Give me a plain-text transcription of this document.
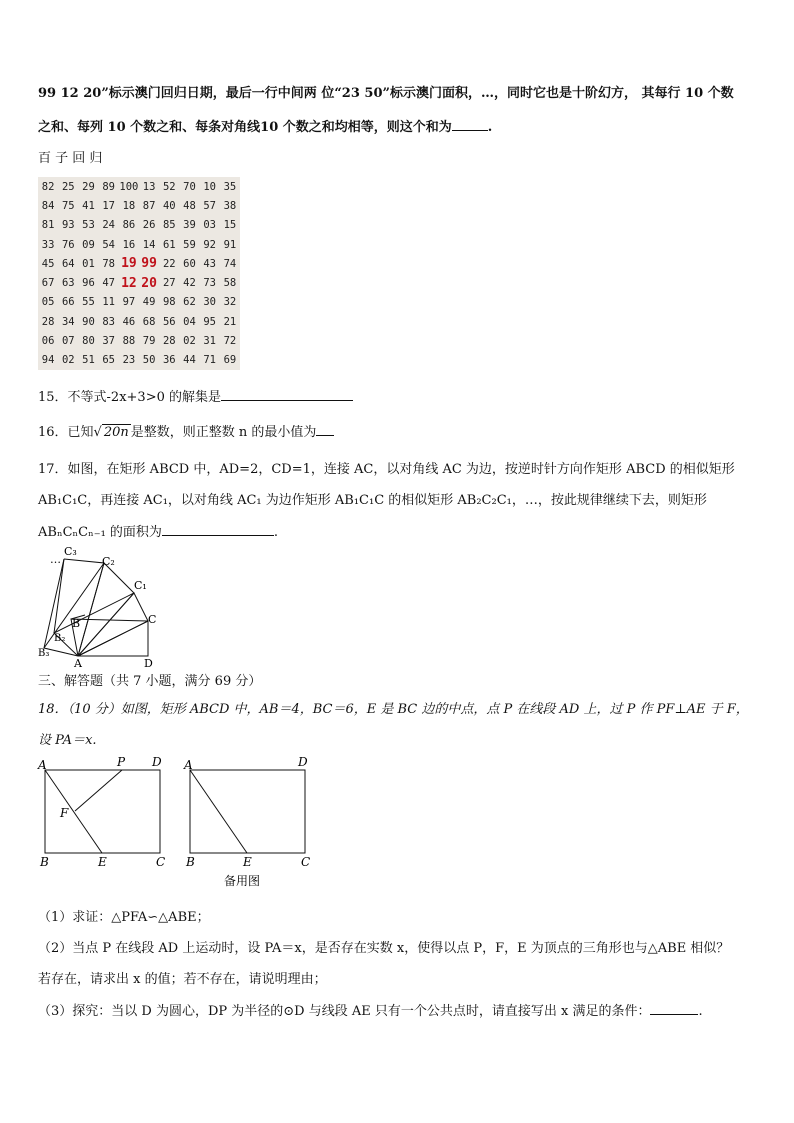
99 12 20”标示澳门回归日期，最后一行中间两 位“23 50”标示澳门面积，…，同时它也是十阶幻方， 其每行 10 个数
之和、每列 10 个数之和、每条对角线10 个数之和均相等，则这个和为	.
百 子 回 归
82 25 29 89 100 13 52 70 10 35
84 75 41 17 18 87 40 48 57 38
81 93 53 24 86 26 85 39 03 15
33 76 09 54 16 14 61 59 92 91
45 64 01 78 19 99 22 60 43 74
67 63 96 47 12 20 27 42 73 58
05 66 55 11 97 49 98 62 30 32
28 34 90 83 46 68 56 04 95 21
06 07 80 37 88 79 28 02 31 72
94 02 51 65 23 50 36 44 71 69
15．不等式-2x+3>0 的解集是
16．已知√ 20n 是整数，则正整数 n 的最小值为
17．如图，在矩形 ABCD 中，AD=2，CD=1，连接 AC，以对角线 AC 为边，按逆时针方向作矩形 ABCD 的相似矩形
AB₁C₁C，再连接 AC₁，以对角线 AC₁ 为边作矩形 AB₁C₁C 的相似矩形 AB₂C₂C₁，…，按此规律继续下去，则矩形
ABₙCₙCₙ₋₁ 的面积为	.
…
C₃
C₂
C₁
C
B
B₂
B₃
A	D
三、解答题（共 7 小题，满分 69 分）
18．（10 分）如图，矩形 ABCD 中，AB＝4，BC＝6，E 是 BC 边的中点，点 P 在线段 AD 上，过 P 作 PF⊥AE 于 F，
设 PA＝x.
A	P D
F
B	E	C
A	D
B	E	C
备用图
（1）求证：△PFA∽△ABE；
（2）当点 P 在线段 AD 上运动时，设 PA＝x，是否存在实数 x，使得以点 P，F，E 为顶点的三角形也与△ABE 相似？
若存在，请求出 x 的值；若不存在，请说明理由；
（3）探究：当以 D 为圆心，DP 为半径的⊙D 与线段 AE 只有一个公共点时，请直接写出 x 满足的条件：	.
